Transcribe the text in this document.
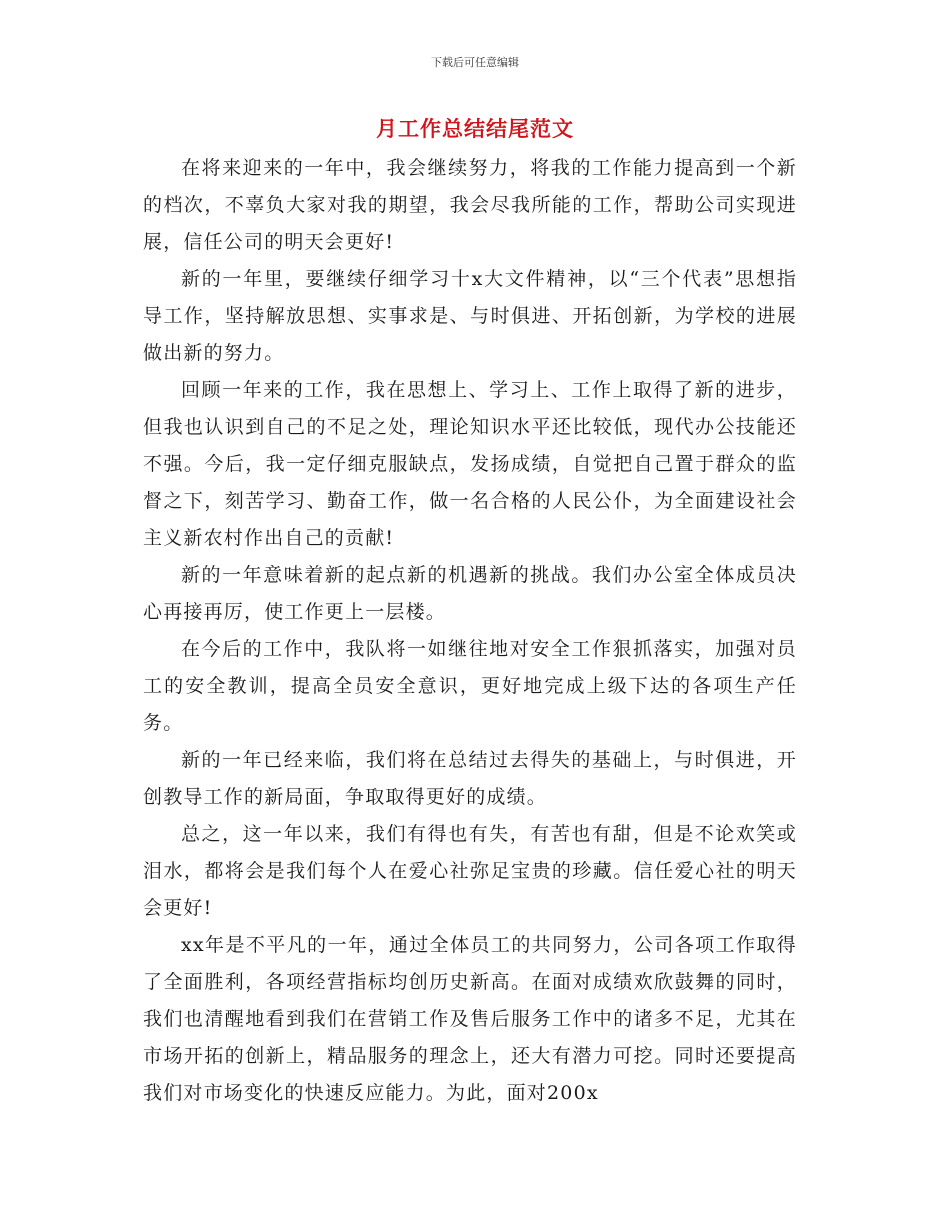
下载后可任意编辑
月工作总结结尾范文

在将来迎来的一年中，我会继续努力，将我的工作能力提高到一个新的档次，不辜负大家对我的期望，我会尽我所能的工作，帮助公司实现进展，信任公司的明天会更好!

新的一年里，要继续仔细学习十x大文件精神，以“三个代表”思想指导工作，坚持解放思想、实事求是、与时俱进、开拓创新，为学校的进展做出新的努力。

回顾一年来的工作，我在思想上、学习上、工作上取得了新的进步，但我也认识到自己的不足之处，理论知识水平还比较低，现代办公技能还不强。今后，我一定仔细克服缺点，发扬成绩，自觉把自己置于群众的监督之下，刻苦学习、勤奋工作，做一名合格的人民公仆，为全面建设社会主义新农村作出自己的贡献!

新的一年意味着新的起点新的机遇新的挑战。我们办公室全体成员决心再接再厉，使工作更上一层楼。

在今后的工作中，我队将一如继往地对安全工作狠抓落实，加强对员工的安全教训，提高全员安全意识，更好地完成上级下达的各项生产任务。

新的一年已经来临，我们将在总结过去得失的基础上，与时俱进，开创教导工作的新局面，争取取得更好的成绩。

总之，这一年以来，我们有得也有失，有苦也有甜，但是不论欢笑或泪水，都将会是我们每个人在爱心社弥足宝贵的珍藏。信任爱心社的明天会更好!

xx年是不平凡的一年，通过全体员工的共同努力，公司各项工作取得了全面胜利，各项经营指标均创历史新高。在面对成绩欢欣鼓舞的同时，我们也清醒地看到我们在营销工作及售后服务工作中的诸多不足，尤其在市场开拓的创新上，精品服务的理念上，还大有潜力可挖。同时还要提高我们对市场变化的快速反应能力。为此，面对200x
